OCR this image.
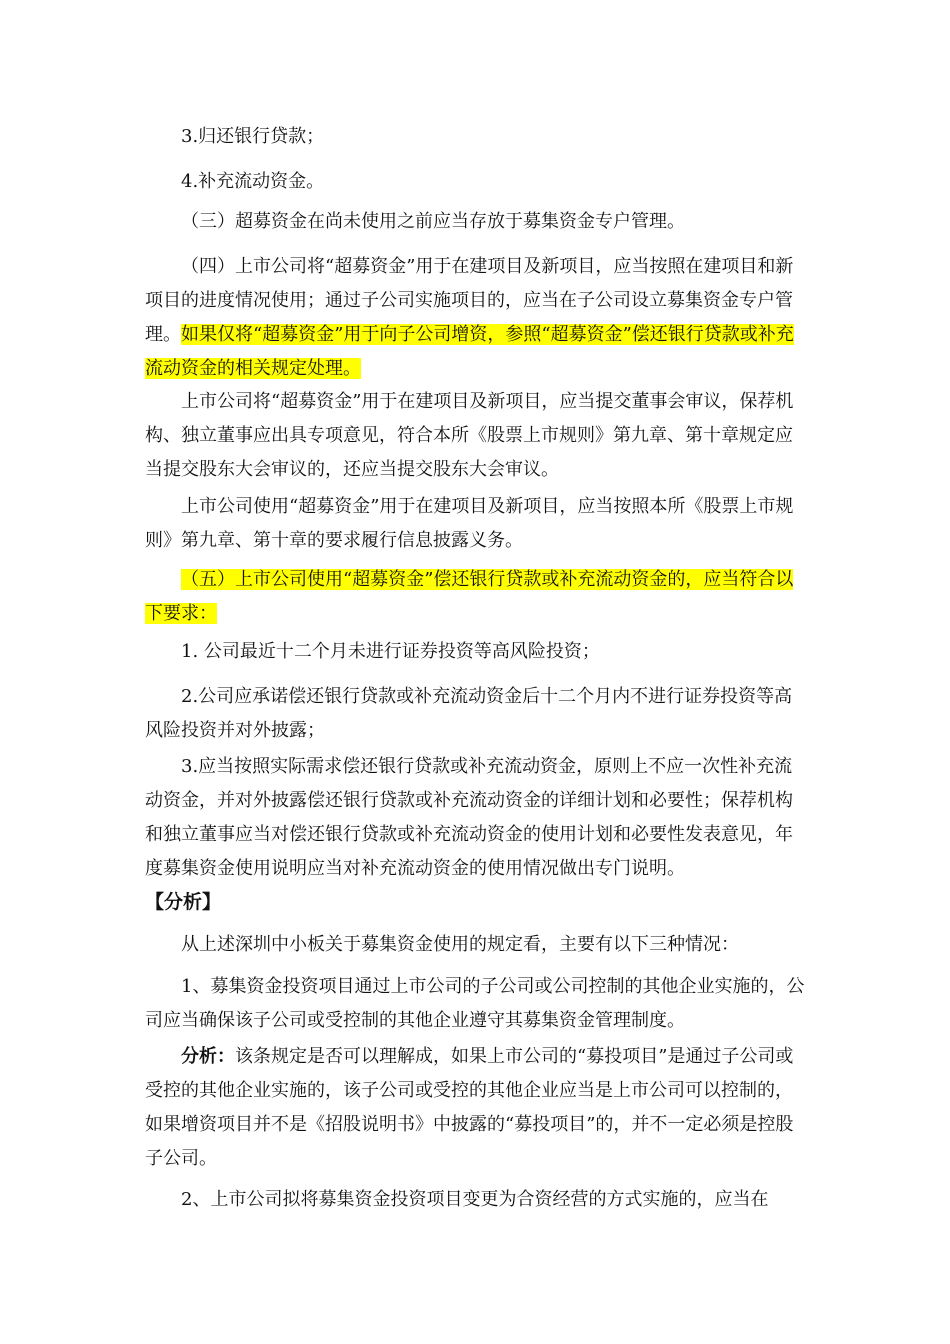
3.归还银行贷款；

4.补充流动资金。

（三）超募资金在尚未使用之前应当存放于募集资金专户管理。

（四）上市公司将“超募资金”用于在建项目及新项目，应当按照在建项目和新项目的进度情况使用；通过子公司实施项目的，应当在子公司设立募集资金专户管理。如果仅将“超募资金”用于向子公司增资，参照“超募资金”偿还银行贷款或补充流动资金的相关规定处理。

上市公司将“超募资金”用于在建项目及新项目，应当提交董事会审议，保荐机构、独立董事应出具专项意见，符合本所《股票上市规则》第九章、第十章规定应当提交股东大会审议的，还应当提交股东大会审议。

上市公司使用“超募资金”用于在建项目及新项目，应当按照本所《股票上市规则》第九章、第十章的要求履行信息披露义务。

（五）上市公司使用“超募资金”偿还银行贷款或补充流动资金的，应当符合以下要求：

1. 公司最近十二个月未进行证券投资等高风险投资；

2.公司应承诺偿还银行贷款或补充流动资金后十二个月内不进行证券投资等高风险投资并对外披露；

3.应当按照实际需求偿还银行贷款或补充流动资金，原则上不应一次性补充流动资金，并对外披露偿还银行贷款或补充流动资金的详细计划和必要性；保荐机构和独立董事应当对偿还银行贷款或补充流动资金的使用计划和必要性发表意见，年度募集资金使用说明应当对补充流动资金的使用情况做出专门说明。

【分析】

从上述深圳中小板关于募集资金使用的规定看，主要有以下三种情况：

1、募集资金投资项目通过上市公司的子公司或公司控制的其他企业实施的，公司应当确保该子公司或受控制的其他企业遵守其募集资金管理制度。

分析：该条规定是否可以理解成，如果上市公司的“募投项目”是通过子公司或受控的其他企业实施的，该子公司或受控的其他企业应当是上市公司可以控制的，如果增资项目并不是《招股说明书》中披露的“募投项目”的，并不一定必须是控股子公司。

2、上市公司拟将募集资金投资项目变更为合资经营的方式实施的，应当在
